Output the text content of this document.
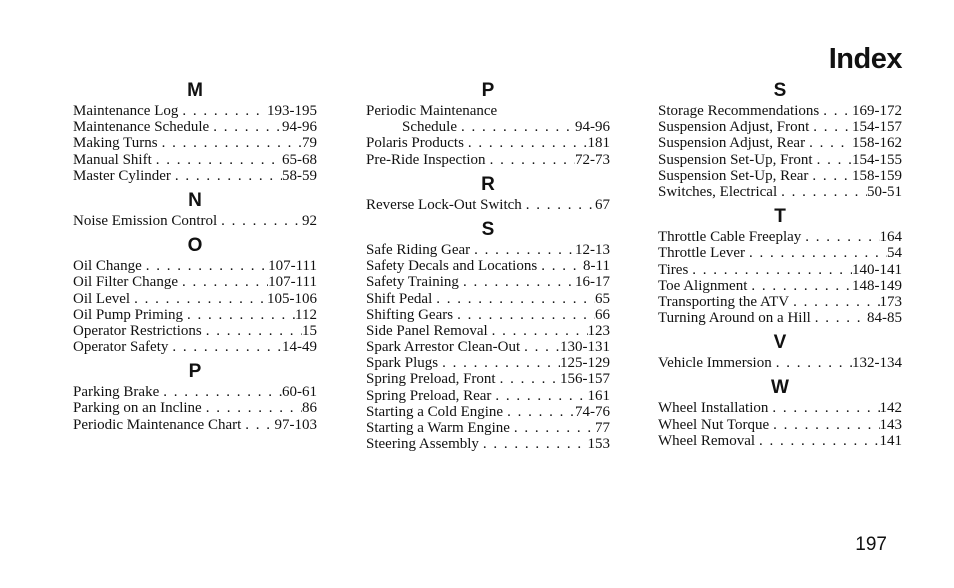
Index
M
Maintenance Log . . .	193-195
Maintenance Schedule . . .	94-96
Making Turns . . .	79
Manual Shift . . .	65-68
Master Cylinder . . .	58-59
N
Noise Emission Control . . .	92
O
Oil Change . . .	107-111
Oil Filter Change . . .	107-111
Oil Level . . .	105-106
Oil Pump Priming . . .	112
Operator Restrictions . . .	15
Operator Safety . . .	14-49
P
Parking Brake . . .	60-61
Parking on an Incline . . .	86
Periodic Maintenance Chart . . . 97-103
P
Periodic Maintenance
Schedule . . .	94-96
Polaris Products . . .	181
Pre-Ride Inspection . . .	72-73
R
Reverse Lock-Out Switch . . .	67
S
Safe Riding Gear . . .	12-13
Safety Decals and Locations . . .	8-11
Safety Training . . .	16-17
Shift Pedal . . .	65
Shifting Gears . . .	66
Side Panel Removal . . .	123
Spark Arrestor Clean-Out . . .	130-131
Spark Plugs . . .	125-129
Spring Preload, Front . . .	156-157
Spring Preload, Rear . . .	161
Starting a Cold Engine . . .	74-76
Starting a Warm Engine . . .	77
Steering Assembly . . .	153
S
Storage Recommendations . . . 169-172
Suspension Adjust, Front . . .	154-157
Suspension Adjust, Rear . . .	158-162
Suspension Set-Up, Front . . .	154-155
Suspension Set-Up, Rear . . .	158-159
Switches, Electrical . . .	50-51
T
Throttle Cable Freeplay . . .	164
Throttle Lever . . .	54
Tires . . .	140-141
Toe Alignment . . .	148-149
Transporting the ATV . . .	173
Turning Around on a Hill . . .	84-85
V
Vehicle Immersion . . .	132-134
W
Wheel Installation . . .	142
Wheel Nut Torque . . .	143
Wheel Removal . . .	141
197
